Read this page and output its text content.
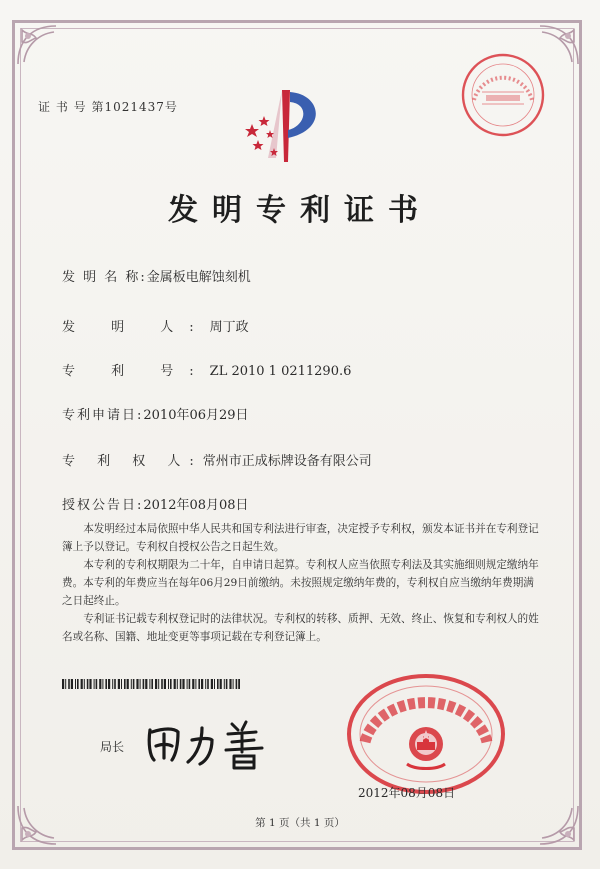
证 书 号 第1021437号
发明专利证书
发 明 名 称:金属板电解蚀刻机
发 明 人:周丁政
专 利 号:ZL 2010 1 0211290.6
专利申请日:2010年06月29日
专 利 权 人:常州市正成标牌设备有限公司
授权公告日:2012年08月08日

本发明经过本局依照中华人民共和国专利法进行审查，决定授予专利权，颁发本证书并在专利登记簿上予以登记。专利权自授权公告之日起生效。

本专利的专利权期限为二十年，自申请日起算。专利权人应当依照专利法及其实施细则规定缴纳年费。本专利的年费应当在每年06月29日前缴纳。未按照规定缴纳年费的，专利权自应当缴纳年费期满之日起终止。

专利证书记载专利权登记时的法律状况。专利权的转移、质押、无效、终止、恢复和专利权人的姓名或名称、国籍、地址变更等事项记载在专利登记簿上。

局长
2012年08月08日
第 1 页（共 1 页）
